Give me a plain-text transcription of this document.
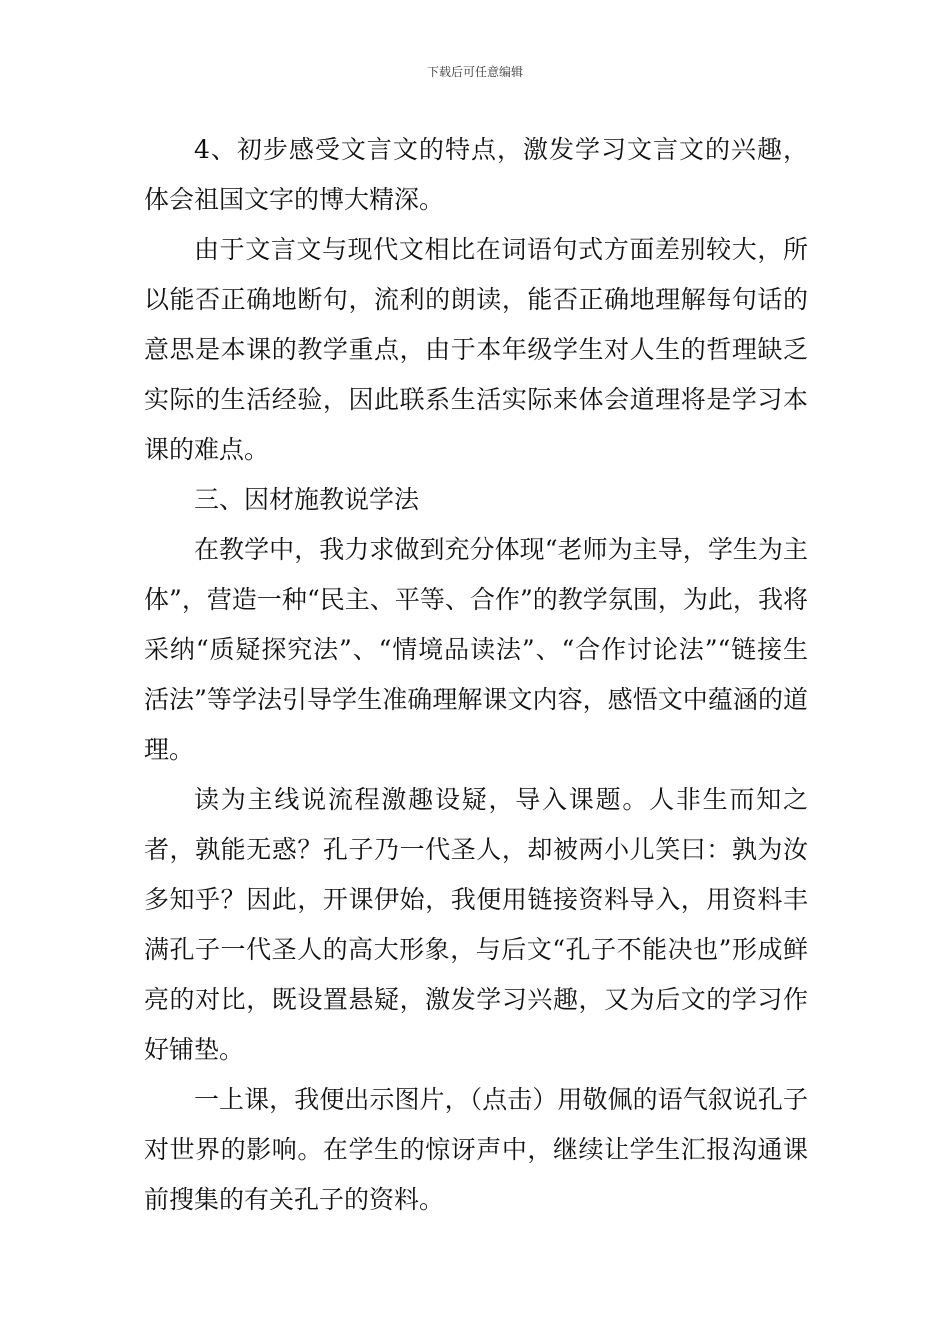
下载后可任意编辑

4、初步感受文言文的特点，激发学习文言文的兴趣，体会祖国文字的博大精深。

由于文言文与现代文相比在词语句式方面差别较大，所以能否正确地断句，流利的朗读，能否正确地理解每句话的意思是本课的教学重点，由于本年级学生对人生的哲理缺乏实际的生活经验，因此联系生活实际来体会道理将是学习本课的难点。

三、因材施教说学法

在教学中，我力求做到充分体现“老师为主导，学生为主体”，营造一种“民主、平等、合作”的教学氛围，为此，我将采纳“质疑探究法”、“情境品读法”、“合作讨论法”“链接生活法”等学法引导学生准确理解课文内容，感悟文中蕴涵的道理。

读为主线说流程激趣设疑，导入课题。人非生而知之者，孰能无惑？孔子乃一代圣人，却被两小儿笑曰：孰为汝多知乎？因此，开课伊始，我便用链接资料导入，用资料丰满孔子一代圣人的高大形象，与后文“孔子不能决也”形成鲜亮的对比，既设置悬疑，激发学习兴趣，又为后文的学习作好铺垫。

一上课，我便出示图片，（点击）用敬佩的语气叙说孔子对世界的影响。在学生的惊讶声中，继续让学生汇报沟通课前搜集的有关孔子的资料。
